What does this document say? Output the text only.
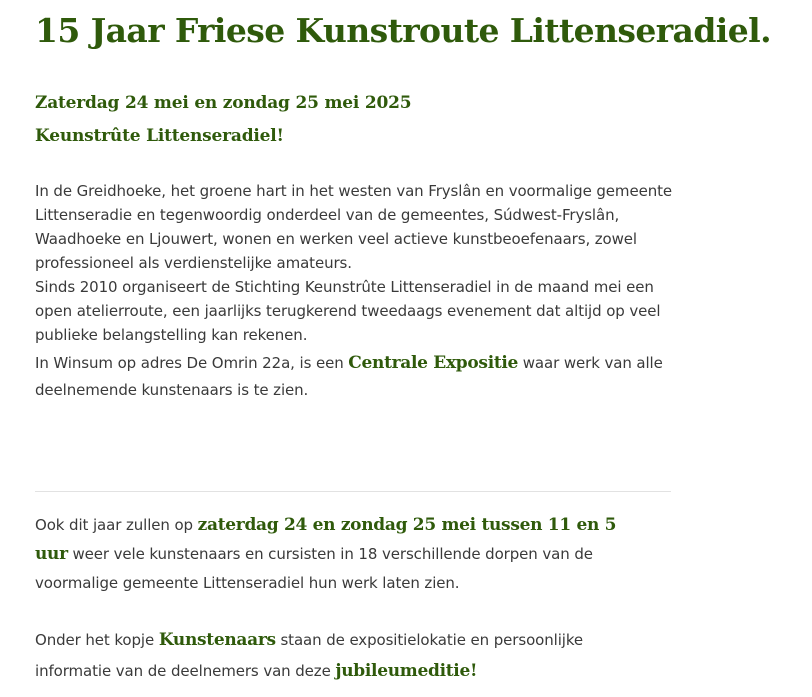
15 Jaar Friese Kunstroute Littenseradiel.
Zaterdag 24 mei en zondag 25 mei 2025
Keunstrûte Littenseradiel!

In de Greidhoeke, het groene hart in het westen van Fryslân en voormalige gemeente

Littenseradie en tegenwoordig onderdeel van de gemeentes, Súdwest-Fryslân,

Waadhoeke en Ljouwert, wonen en werken veel actieve kunstbeoefenaars, zowel

professioneel als verdienstelijke amateurs.

Sinds 2010 organiseert de Stichting Keunstrûte Littenseradiel in de maand mei een

open atelierroute, een jaarlijks terugkerend tweedaags evenement dat altijd op veel

publieke belangstelling kan rekenen.

In Winsum op adres De Omrin 22a, is een Centrale Expositie waar werk van alle
deelnemende kunstenaars is te zien.
Ook dit jaar zullen op zaterdag 24 en zondag 25 mei tussen 11 en 5
uur weer vele kunstenaars en cursisten in 18 verschillende dorpen van de
voormalige gemeente Littenseradiel hun werk laten zien.
Onder het kopje Kunstenaars staan de expositielokatie en persoonlijke
informatie van de deelnemers van deze jubileumeditie!
